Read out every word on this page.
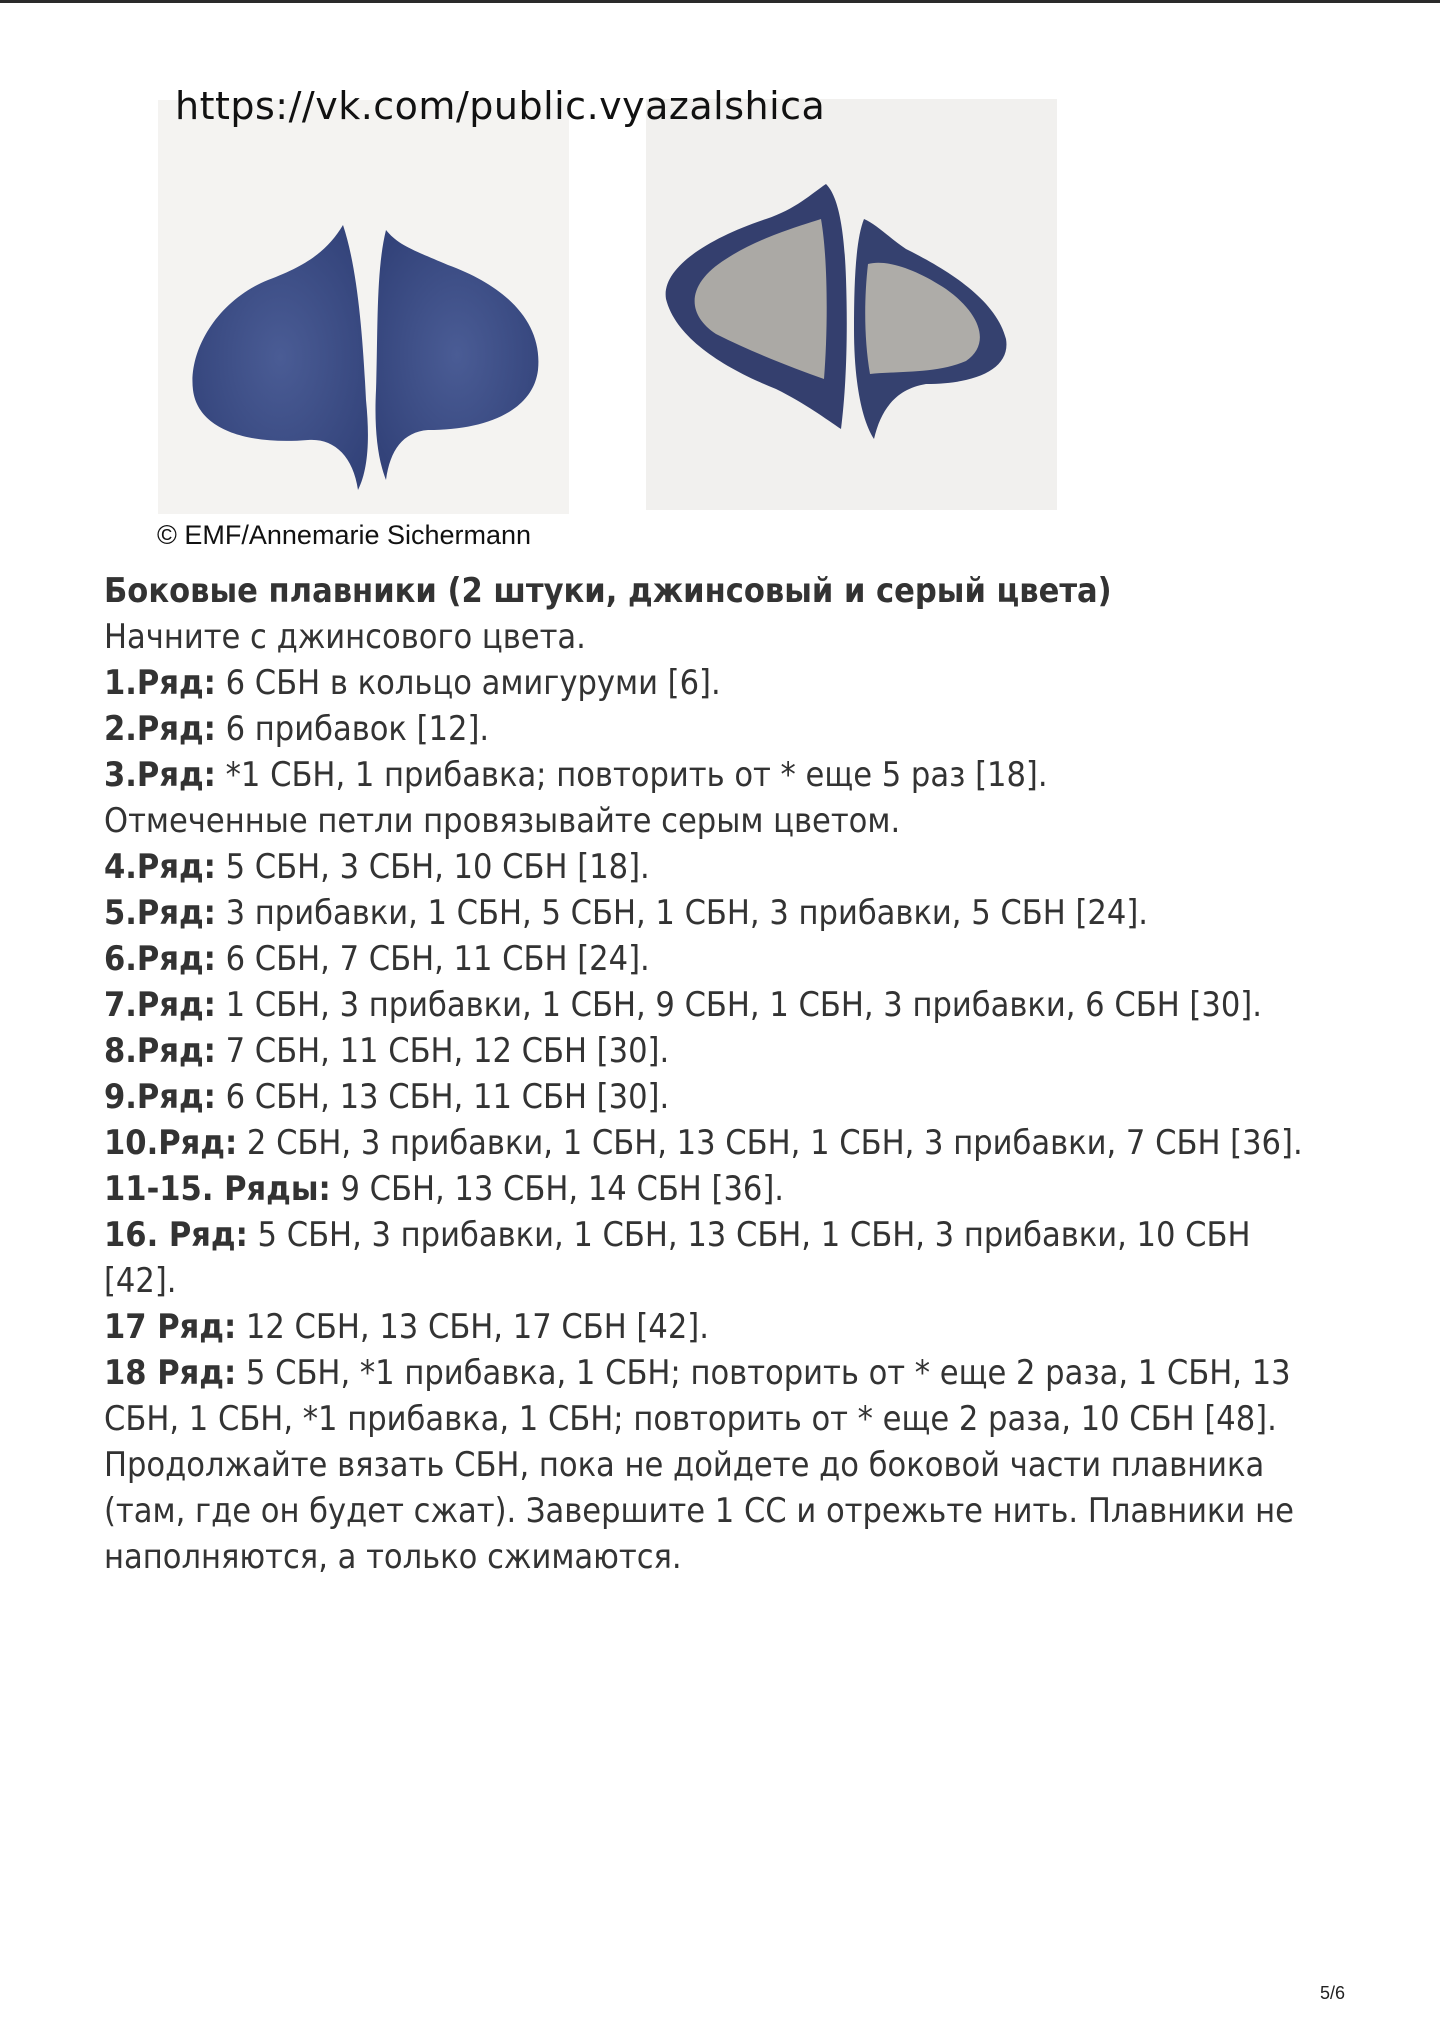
https://vk.com/public.vyazalshica
© EMF/Annemarie Sichermann
Боковые плавники (2 штуки, джинсовый и серый цвета)
Начните с джинсового цвета.
1.Ряд: 6 СБН в кольцо амигуруми [6].
2.Ряд: 6 прибавок [12].
3.Ряд: *1 СБН, 1 прибавка; повторить от * еще 5 раз [18].
Отмеченные петли провязывайте серым цветом.
4.Ряд: 5 СБН, 3 СБН, 10 СБН [18].
5.Ряд: 3 прибавки, 1 СБН, 5 СБН, 1 СБН, 3 прибавки, 5 СБН [24].
6.Ряд: 6 СБН, 7 СБН, 11 СБН [24].
7.Ряд: 1 СБН, 3 прибавки, 1 СБН, 9 СБН, 1 СБН, 3 прибавки, 6 СБН [30].
8.Ряд: 7 СБН, 11 СБН, 12 СБН [30].
9.Ряд: 6 СБН, 13 СБН, 11 СБН [30].
10.Ряд: 2 СБН, 3 прибавки, 1 СБН, 13 СБН, 1 СБН, 3 прибавки, 7 СБН [36].
11-15. Ряды: 9 СБН, 13 СБН, 14 СБН [36].
16. Ряд: 5 СБН, 3 прибавки, 1 СБН, 13 СБН, 1 СБН, 3 прибавки, 10 СБН [42].
17 Ряд: 12 СБН, 13 СБН, 17 СБН [42].
18 Ряд: 5 СБН, *1 прибавка, 1 СБН; повторить от * еще 2 раза, 1 СБН, 13 СБН, 1 СБН, *1 прибавка, 1 СБН; повторить от * еще 2 раза, 10 СБН [48].
Продолжайте вязать СБН, пока не дойдете до боковой части плавника (там, где он будет сжат). Завершите 1 СС и отрежьте нить. Плавники не наполняются, а только сжимаются.
5/6
